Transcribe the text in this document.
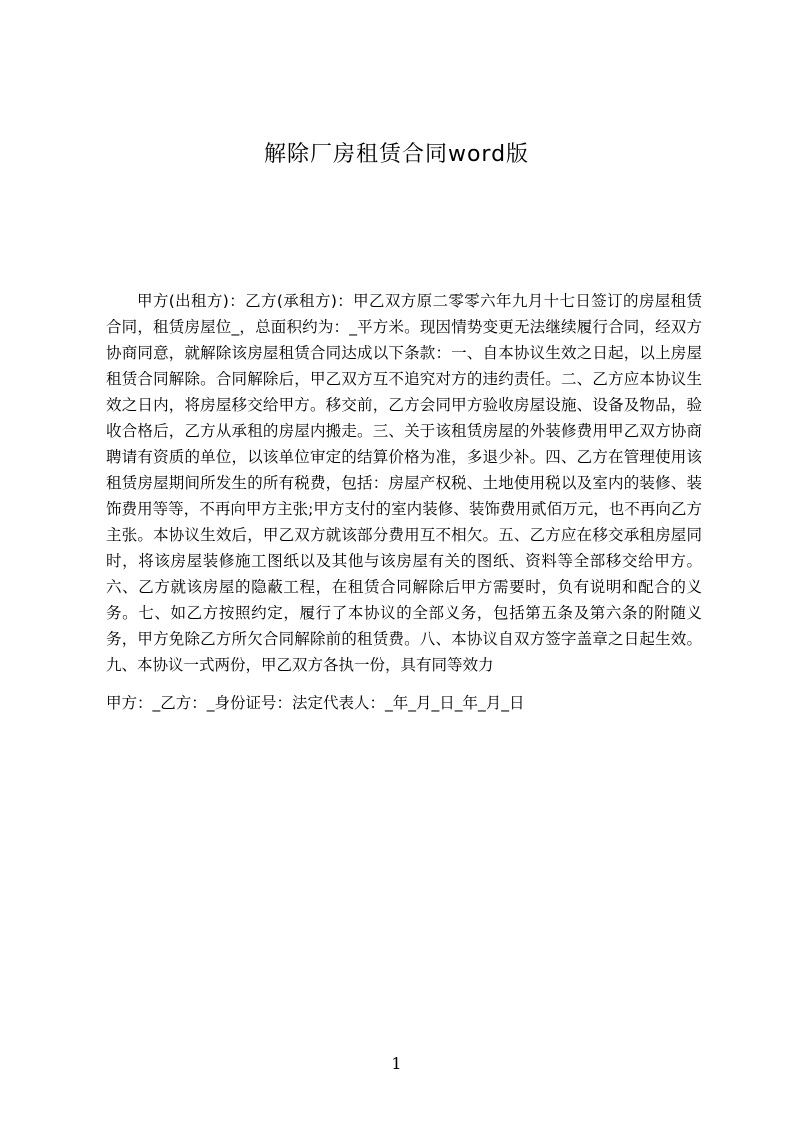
解除厂房租赁合同word版

甲方(出租方)：乙方(承租方)：甲乙双方原二零零六年九月十七日签订的房屋租赁合同，租赁房屋位_，总面积约为：_平方米。现因情势变更无法继续履行合同，经双方协商同意，就解除该房屋租赁合同达成以下条款：一、自本协议生效之日起，以上房屋租赁合同解除。合同解除后，甲乙双方互不追究对方的违约责任。二、乙方应本协议生效之日内，将房屋移交给甲方。移交前，乙方会同甲方验收房屋设施、设备及物品，验收合格后，乙方从承租的房屋内搬走。三、关于该租赁房屋的外装修费用甲乙双方协商聘请有资质的单位，以该单位审定的结算价格为准，多退少补。四、乙方在管理使用该租赁房屋期间所发生的所有税费，包括：房屋产权税、土地使用税以及室内的装修、装饰费用等等，不再向甲方主张;甲方支付的室内装修、装饰费用贰佰万元，也不再向乙方主张。本协议生效后，甲乙双方就该部分费用互不相欠。五、乙方应在移交承租房屋同时，将该房屋装修施工图纸以及其他与该房屋有关的图纸、资料等全部移交给甲方。六、乙方就该房屋的隐蔽工程，在租赁合同解除后甲方需要时，负有说明和配合的义务。七、如乙方按照约定，履行了本协议的全部义务，包括第五条及第六条的附随义务，甲方免除乙方所欠合同解除前的租赁费。八、本协议自双方签字盖章之日起生效。九、本协议一式两份，甲乙双方各执一份，具有同等效力

甲方：_乙方：_身份证号：法定代表人：_年_月_日_年_月_日
1
